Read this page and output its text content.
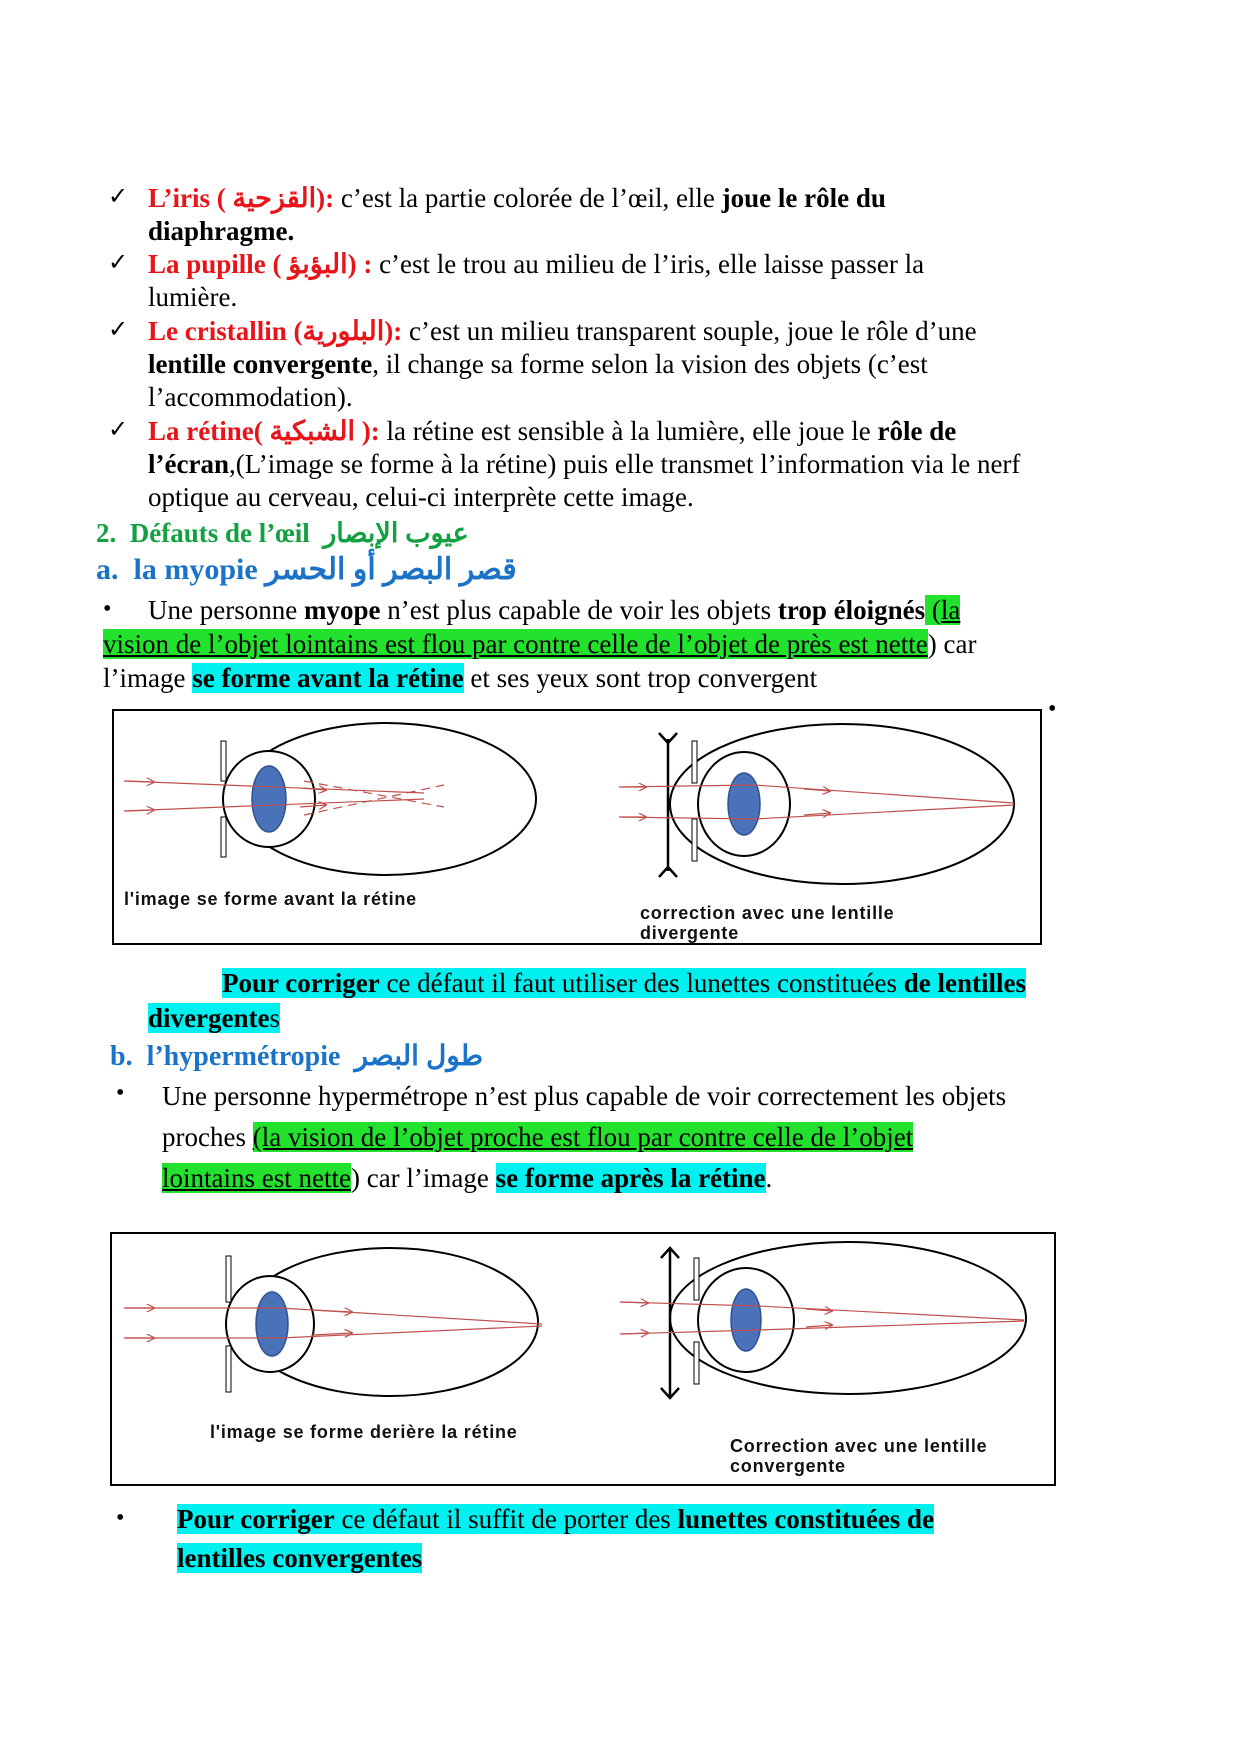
✓ L’iris ( القزحية): c’est la partie colorée de l’œil, elle joue le rôle du
diaphragme.
✓ La pupille ( البؤبؤ) : c’est le trou au milieu de l’iris, elle laisse passer la
lumière.
✓ Le cristallin (البلورية): c’est un milieu transparent souple, joue le rôle d’une
lentille convergente, il change sa forme selon la vision des objets (c’est
l’accommodation).
✓ La rétine( الشبكية ): la rétine est sensible à la lumière, elle joue le rôle de
l’écran,(L’image se forme à la rétine) puis elle transmet l’information via le nerf
optique au cerveau, celui-ci interprète cette image.
2. Défauts de l’œil عيوب الإبصار
a. la myopie قصر البصر أو الحسر
•	Une personne myope n’est plus capable de voir les objets trop éloignés (la
vision de l’objet lointains est flou par contre celle de l’objet de près est nette) car
l’image se forme avant la rétine et ses yeux sont trop convergent
•
l'image se forme avant la rétine
correction avec une lentille
divergente
Pour corriger ce défaut il faut utiliser des lunettes constituées de lentilles
divergentes
b. l’hypermétropie طول البصر
• Une personne hypermétrope n’est plus capable de voir correctement les objets
proches (la vision de l’objet proche est flou par contre celle de l’objet
lointains est nette) car l’image se forme après la rétine.
l'image se forme derière la rétine
Correction avec une lentille
convergente
• Pour corriger ce défaut il suffit de porter des lunettes constituées de
lentilles convergentes
